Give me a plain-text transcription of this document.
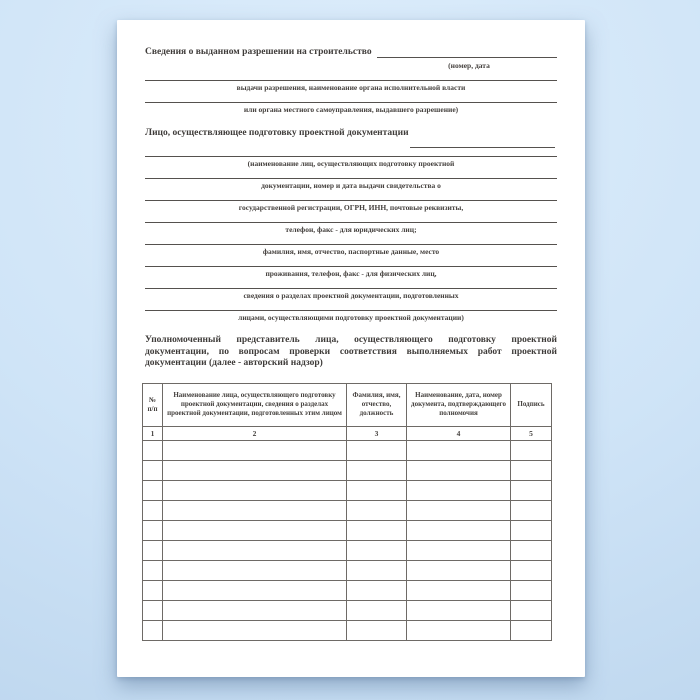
Сведения о выданном разрешении на строительство
(номер, дата
выдачи разрешения, наименование органа исполнительной власти
или органа местного самоуправления, выдавшего разрешение)
Лицо, осуществляющее подготовку проектной документации
(наименование лиц, осуществляющих подготовку проектной
документации, номер и дата выдачи свидетельства о
государственной регистрации, ОГРН, ИНН, почтовые реквизиты,
телефон, факс - для юридических лиц;
фамилия, имя, отчество, паспортные данные, место
проживания, телефон, факс - для физических лиц,
сведения о разделах проектной документации, подготовленных
лицами, осуществляющими подготовку проектной документации)

Уполномоченный представитель лица, осуществляющего подготовку проектной документации, по вопросам проверки соответствия выполняемых работ проектной документации (далее - авторский надзор)

№ п/п	Наименование лица, осуществляющего подготовку проектной документации, сведения о разделах проектной документации, подготовленных этим лицом	Фамилия, имя, отчество, должность	Наименование, дата, номер документа, подтверждающего полномочия	Подпись
1	2	3	4	5
